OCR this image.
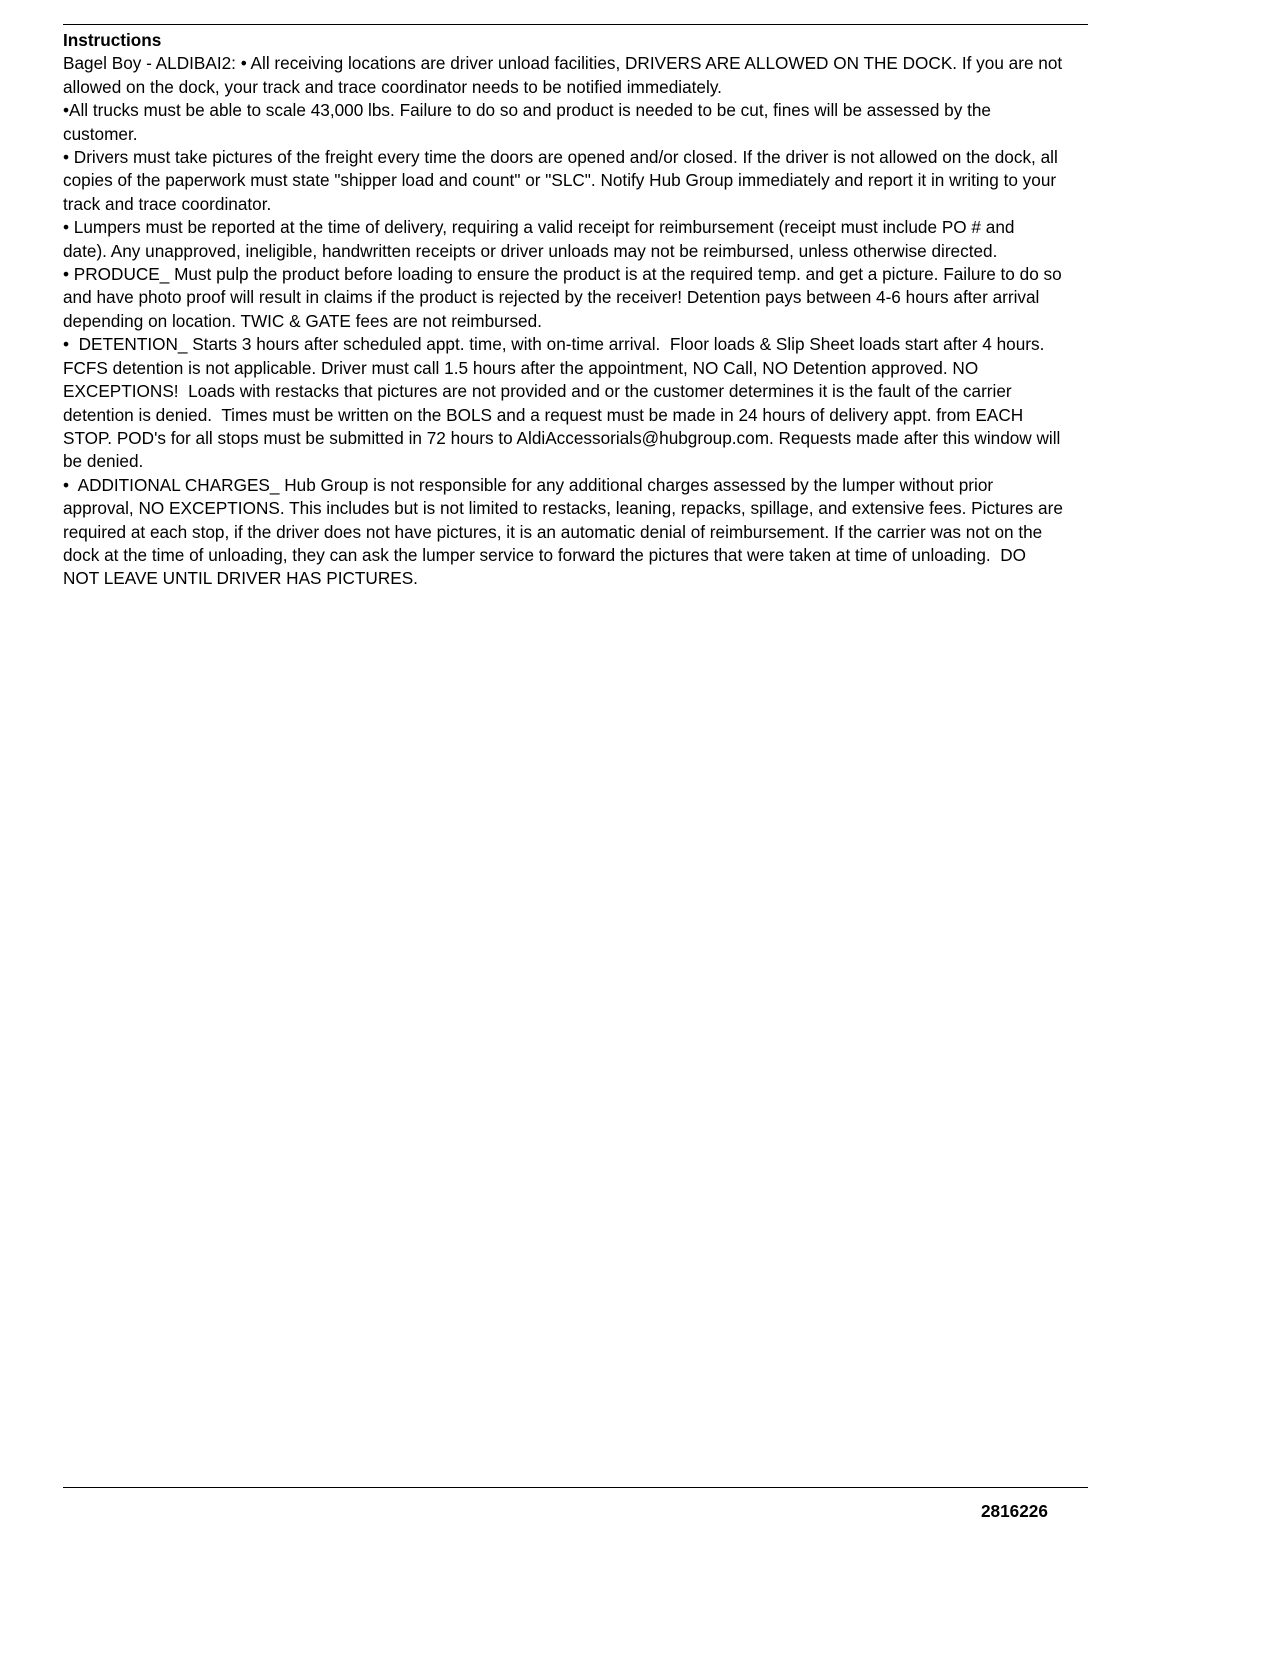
Instructions

Bagel Boy - ALDIBAI2: • All receiving locations are driver unload facilities, DRIVERS ARE ALLOWED ON THE DOCK. If you are not allowed on the dock, your track and trace coordinator needs to be notified immediately.

•All trucks must be able to scale 43,000 lbs. Failure to do so and product is needed to be cut, fines will be assessed by the customer.

• Drivers must take pictures of the freight every time the doors are opened and/or closed. If the driver is not allowed on the dock, all copies of the paperwork must state "shipper load and count" or "SLC". Notify Hub Group immediately and report it in writing to your track and trace coordinator.

• Lumpers must be reported at the time of delivery, requiring a valid receipt for reimbursement (receipt must include PO # and date). Any unapproved, ineligible, handwritten receipts or driver unloads may not be reimbursed, unless otherwise directed.

• PRODUCE_ Must pulp the product before loading to ensure the product is at the required temp. and get a picture. Failure to do so and have photo proof will result in claims if the product is rejected by the receiver! Detention pays between 4-6 hours after arrival depending on location. TWIC & GATE fees are not reimbursed.

•  DETENTION_ Starts 3 hours after scheduled appt. time, with on-time arrival.  Floor loads & Slip Sheet loads start after 4 hours.  FCFS detention is not applicable. Driver must call 1.5 hours after the appointment, NO Call, NO Detention approved. NO EXCEPTIONS!  Loads with restacks that pictures are not provided and or the customer determines it is the fault of the carrier detention is denied.  Times must be written on the BOLS and a request must be made in 24 hours of delivery appt. from EACH STOP. POD's for all stops must be submitted in 72 hours to AldiAccessorials@hubgroup.com. Requests made after this window will be denied.

•  ADDITIONAL CHARGES_ Hub Group is not responsible for any additional charges assessed by the lumper without prior approval, NO EXCEPTIONS. This includes but is not limited to restacks, leaning, repacks, spillage, and extensive fees. Pictures are required at each stop, if the driver does not have pictures, it is an automatic denial of reimbursement. If the carrier was not on the dock at the time of unloading, they can ask the lumper service to forward the pictures that were taken at time of unloading.  DO NOT LEAVE UNTIL DRIVER HAS PICTURES.

2816226
